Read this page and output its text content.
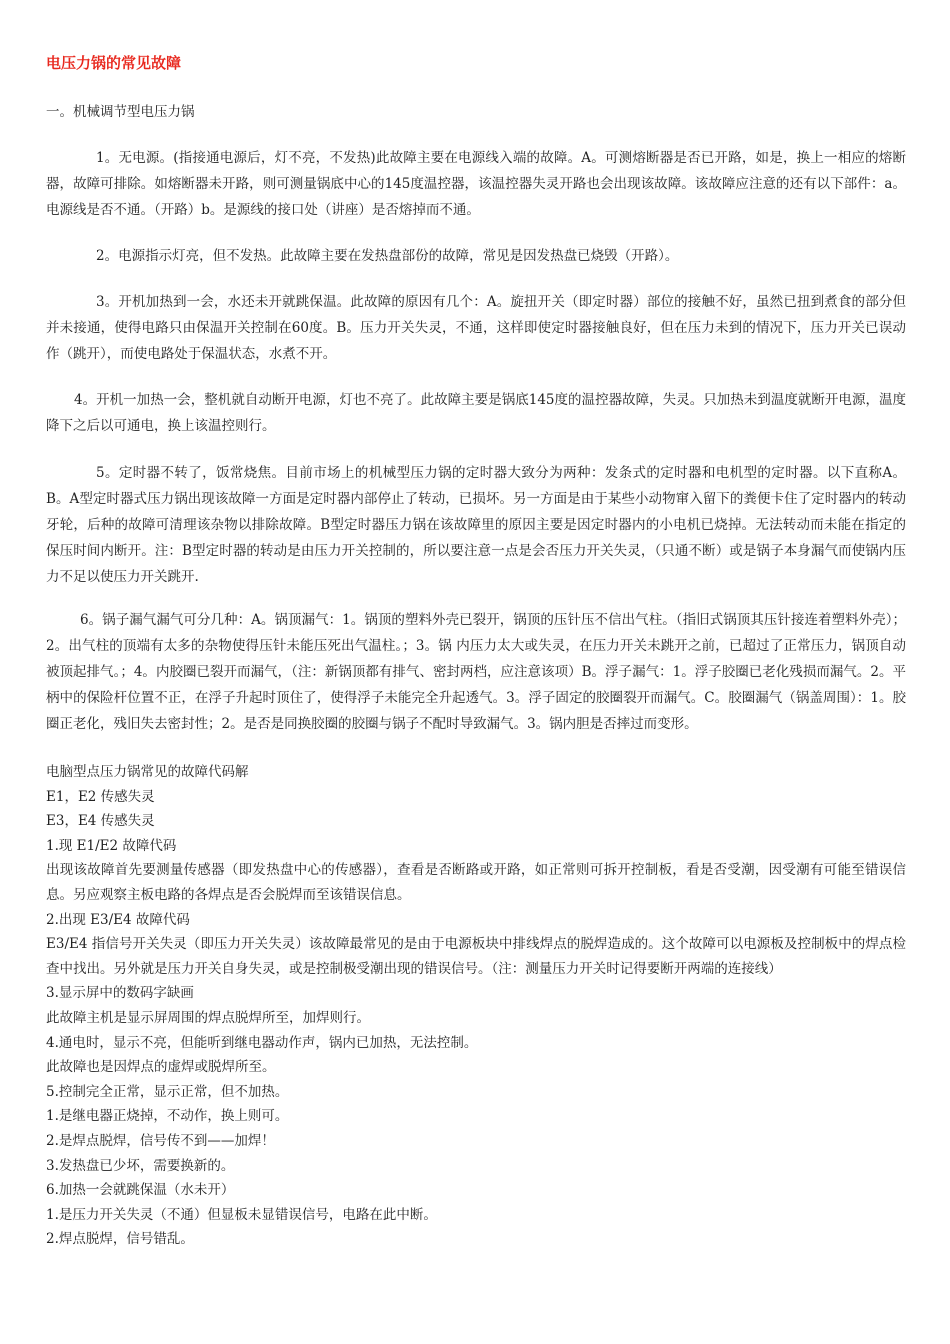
电压力锅的常见故障
一。机械调节型电压力锅

1。无电源。(指接通电源后，灯不亮，不发热)此故障主要在电源线入端的故障。A。可测熔断器是否已开路，如是，换上一相应的熔断器，故障可排除。如熔断器未开路，则可测量锅底中心的145度温控器，该温控器失灵开路也会出现该故障。该故障应注意的还有以下部件：a。电源线是否不通。（开路）b。是源线的接口处（讲座）是否熔掉而不通。

2。电源指示灯亮，但不发热。此故障主要在发热盘部份的故障，常见是因发热盘已烧毁（开路）。

3。开机加热到一会，水还未开就跳保温。此故障的原因有几个：A。旋扭开关（即定时器）部位的接触不好，虽然已扭到煮食的部分但并未接通，使得电路只由保温开关控制在60度。B。压力开关失灵，不通，这样即使定时器接触良好，但在压力未到的情况下，压力开关已误动作（跳开），而使电路处于保温状态，水煮不开。

4。开机一加热一会，整机就自动断开电源，灯也不亮了。此故障主要是锅底145度的温控器故障，失灵。只加热未到温度就断开电源，温度降下之后以可通电，换上该温控则行。

5。定时器不转了，饭常烧焦。目前市场上的机械型压力锅的定时器大致分为两种：发条式的定时器和电机型的定时器。以下直称A。B。A型定时器式压力锅出现该故障一方面是定时器内部停止了转动，已损坏。另一方面是由于某些小动物窜入留下的粪便卡住了定时器内的转动牙轮，后种的故障可清理该杂物以排除故障。B型定时器压力锅在该故障里的原因主要是因定时器内的小电机已烧掉。无法转动而未能在指定的保压时间内断开。注：B型定时器的转动是由压力开关控制的，所以要注意一点是会否压力开关失灵，（只通不断）或是锅子本身漏气而使锅内压力不足以使压力开关跳开.

6。锅子漏气漏气可分几种：A。锅顶漏气：1。锅顶的塑料外壳已裂开，锅顶的压针压不信出气柱。（指旧式锅顶其压针接连着塑料外壳）；2。出气柱的顶端有太多的杂物使得压针未能压死出气温柱。；3。锅 内压力太大或失灵，在压力开关未跳开之前，已超过了正常压力，锅顶自动被顶起排气。；4。内胶圈已裂开而漏气，（注：新锅顶都有排气、密封两档，应注意该项）B。浮子漏气：1。浮子胶圈已老化残损而漏气。2。平柄中的保险杆位置不正，在浮子升起时顶住了，使得浮子未能完全升起透气。3。浮子固定的胶圈裂开而漏气。C。胶圈漏气（锅盖周围）：1。胶圈正老化，残旧失去密封性；2。是否是同换胶圈的胶圈与锅子不配时导致漏气。3。锅内胆是否摔过而变形。

电脑型点压力锅常见的故障代码解
E1，E2 传感失灵
E3，E4 传感失灵
1.现 E1/E2 故障代码
出现该故障首先要测量传感器（即发热盘中心的传感器），查看是否断路或开路，如正常则可拆开控制板，看是否受潮，因受潮有可能至错误信息。另应观察主板电路的各焊点是否会脱焊而至该错误信息。
2.出现 E3/E4 故障代码
E3/E4 指信号开关失灵（即压力开关失灵）该故障最常见的是由于电源板块中排线焊点的脱焊造成的。这个故障可以电源板及控制板中的焊点检查中找出。另外就是压力开关自身失灵，或是控制极受潮出现的错误信号。（注：测量压力开关时记得要断开两端的连接线）
3.显示屏中的数码字缺画
此故障主机是显示屏周围的焊点脱焊所至，加焊则行。
4.通电时，显示不亮，但能听到继电器动作声，锅内已加热，无法控制。
此故障也是因焊点的虚焊或脱焊所至。
5.控制完全正常，显示正常，但不加热。
1.是继电器正烧掉，不动作，换上则可。
2.是焊点脱焊，信号传不到——加焊！
3.发热盘已少坏，需要换新的。
6.加热一会就跳保温（水未开）
1.是压力开关失灵（不通）但显板未显错误信号，电路在此中断。
2.焊点脱焊，信号错乱。
